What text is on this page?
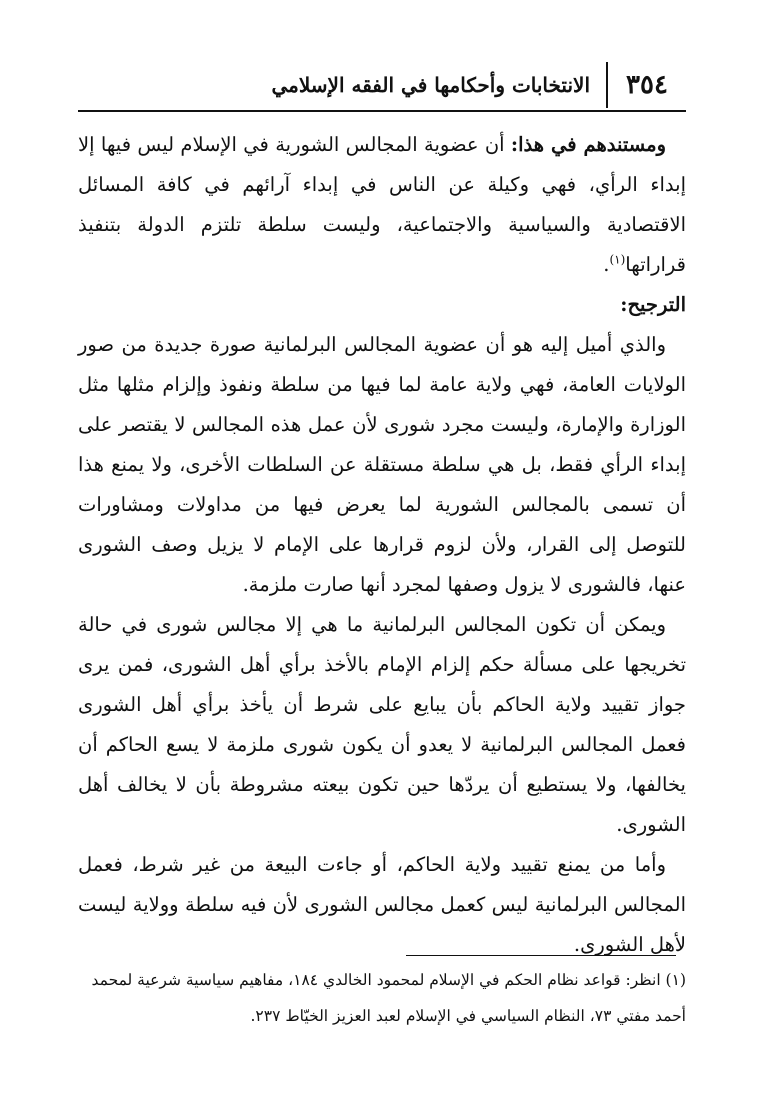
٣٥٤
الانتخابات وأحكامها في الفقه الإسلامي

ومستندهم في هذا: أن عضوية المجالس الشورية في الإسلام ليس فيها إلا إبداء الرأي، فهي وكيلة عن الناس في إبداء آرائهم في كافة المسائل الاقتصادية والسياسية والاجتماعية، وليست سلطة تلتزم الدولة بتنفيذ قراراتها$^{(١)}$.

الترجيح:

والذي أميل إليه هو أن عضوية المجالس البرلمانية صورة جديدة من صور الولايات العامة، فهي ولاية عامة لما فيها من سلطة ونفوذ وإلزام مثلها مثل الوزارة والإمارة، وليست مجرد شورى لأن عمل هذه المجالس لا يقتصر على إبداء الرأي فقط، بل هي سلطة مستقلة عن السلطات الأخرى، ولا يمنع هذا أن تسمى بالمجالس الشورية لما يعرض فيها من مداولات ومشاورات للتوصل إلى القرار، ولأن لزوم قرارها على الإمام لا يزيل وصف الشورى عنها، فالشورى لا يزول وصفها لمجرد أنها صارت ملزمة.

ويمكن أن تكون المجالس البرلمانية ما هي إلا مجالس شورى في حالة تخريجها على مسألة حكم إلزام الإمام بالأخذ برأي أهل الشورى، فمن يرى جواز تقييد ولاية الحاكم بأن يبايع على شرط أن يأخذ برأي أهل الشورى فعمل المجالس البرلمانية لا يعدو أن يكون شورى ملزمة لا يسع الحاكم أن يخالفها، ولا يستطيع أن يردّها حين تكون بيعته مشروطة بأن لا يخالف أهل الشورى.

وأما من يمنع تقييد ولاية الحاكم، أو جاءت البيعة من غير شرط، فعمل المجالس البرلمانية ليس كعمل مجالس الشورى لأن فيه سلطة وولاية ليست لأهل الشورى.

(١) انظر: قواعد نظام الحكم في الإسلام لمحمود الخالدي ١٨٤، مفاهيم سياسية شرعية لمحمد

أحمد مفتي ٧٣، النظام السياسي في الإسلام لعبد العزيز الخيّاط ٢٣٧.
